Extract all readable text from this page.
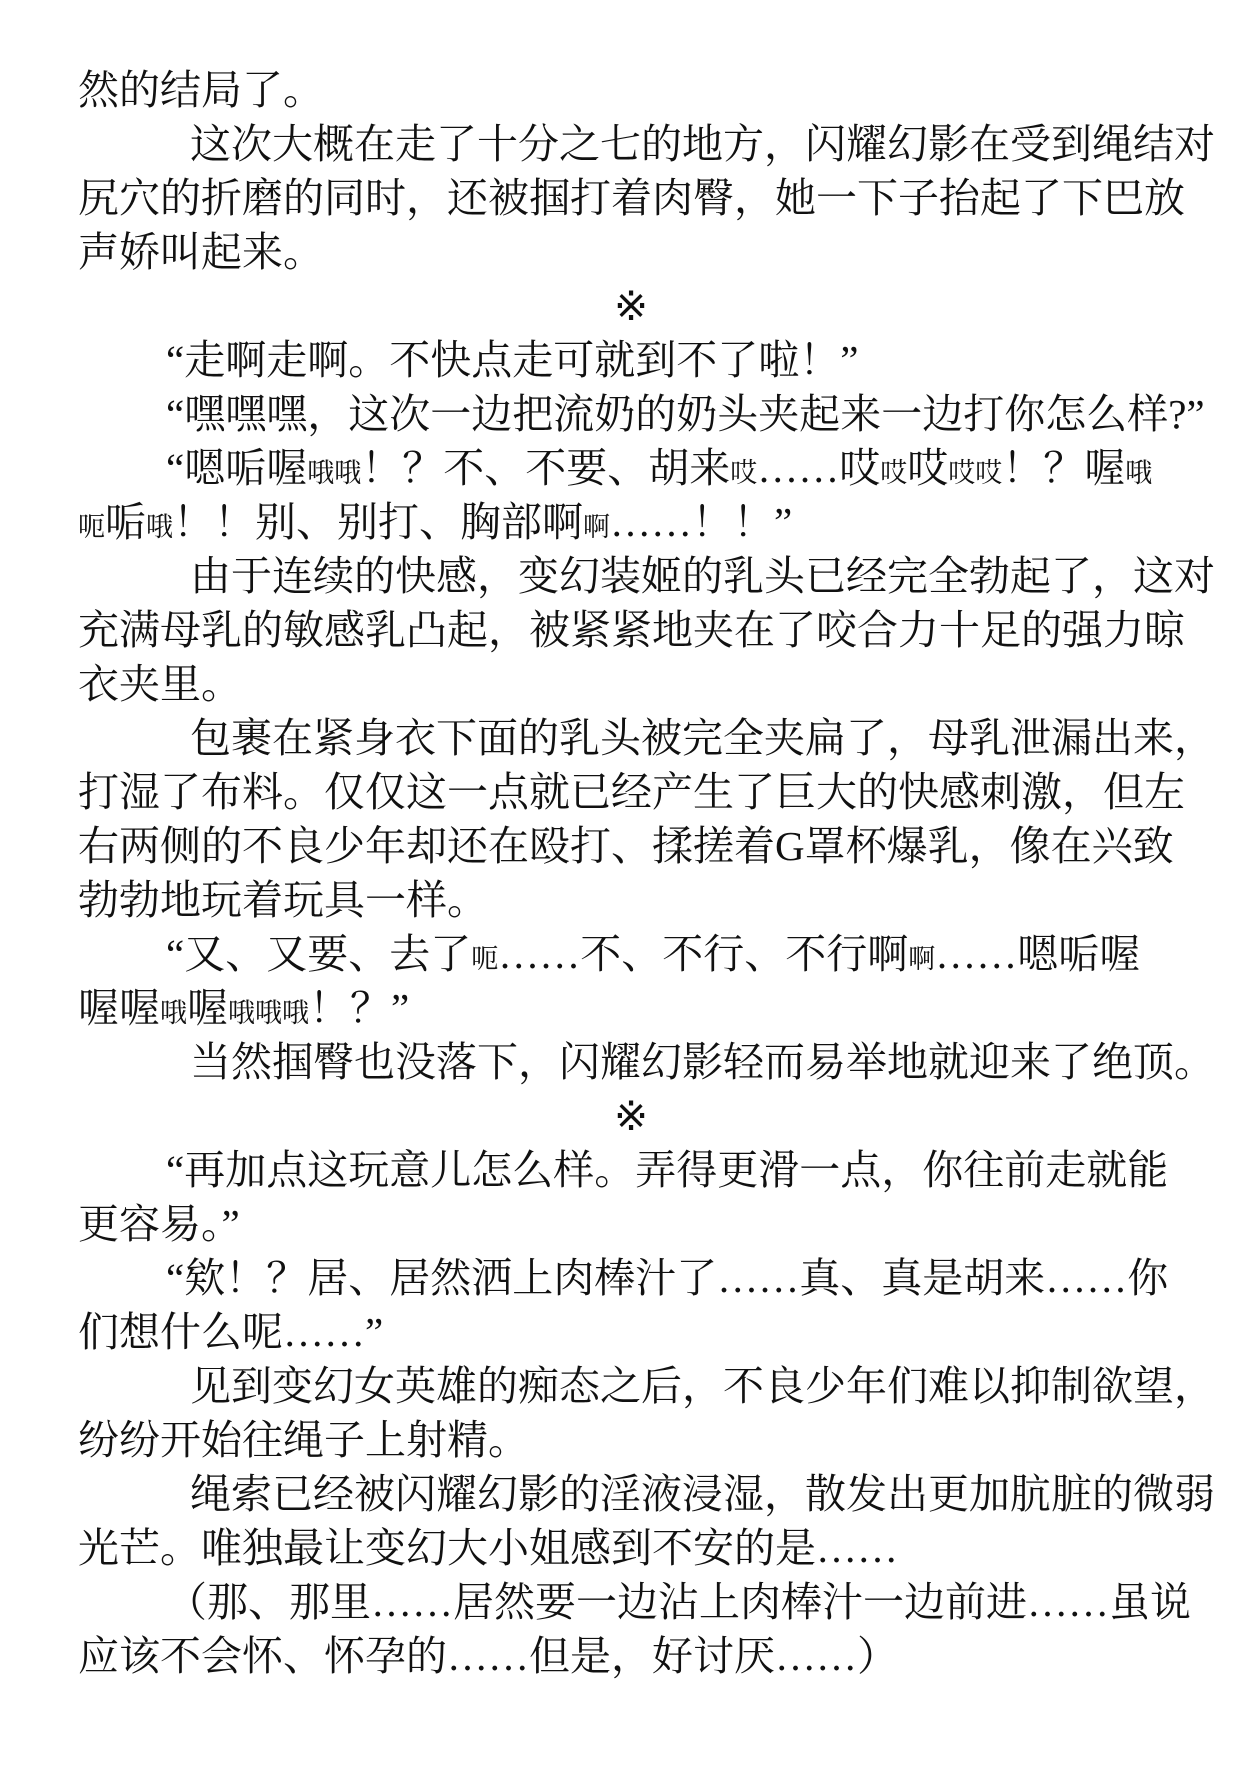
然的结局了。
这次大概在走了十分之七的地方，闪耀幻影在受到绳结对
尻穴的折磨的同时，还被掴打着肉臀，她一下子抬起了下巴放
声娇叫起来。
※
“走啊走啊。不快点走可就到不了啦！”
“嘿嘿嘿，这次一边把流奶的奶头夹起来一边打你怎么样?”
“嗯㖃喔哦哦！？不、不要、胡来哎……哎哎哎哎哎！？喔哦
呃㖃哦！！别、别打、胸部啊啊……！！”
由于连续的快感，变幻装姬的乳头已经完全勃起了，这对
充满母乳的敏感乳凸起，被紧紧地夹在了咬合力十足的强力晾
衣夹里。
包裹在紧身衣下面的乳头被完全夹扁了，母乳泄漏出来，
打湿了布料。仅仅这一点就已经产生了巨大的快感刺激，但左
右两侧的不良少年却还在殴打、揉搓着G罩杯爆乳，像在兴致
勃勃地玩着玩具一样。
“又、又要、去了呃……不、不行、不行啊啊……嗯㖃喔
喔喔哦喔哦哦哦！？”
当然掴臀也没落下，闪耀幻影轻而易举地就迎来了绝顶。
※
“再加点这玩意儿怎么样。弄得更滑一点，你往前走就能
更容易。”
“欸！？居、居然洒上肉棒汁了……真、真是胡来……你
们想什么呢……”
见到变幻女英雄的痴态之后，不良少年们难以抑制欲望，
纷纷开始往绳子上射精。
绳索已经被闪耀幻影的淫液浸湿，散发出更加肮脏的微弱
光芒。唯独最让变幻大小姐感到不安的是……
（那、那里……居然要一边沾上肉棒汁一边前进……虽说
应该不会怀、怀孕的……但是，好讨厌……）
